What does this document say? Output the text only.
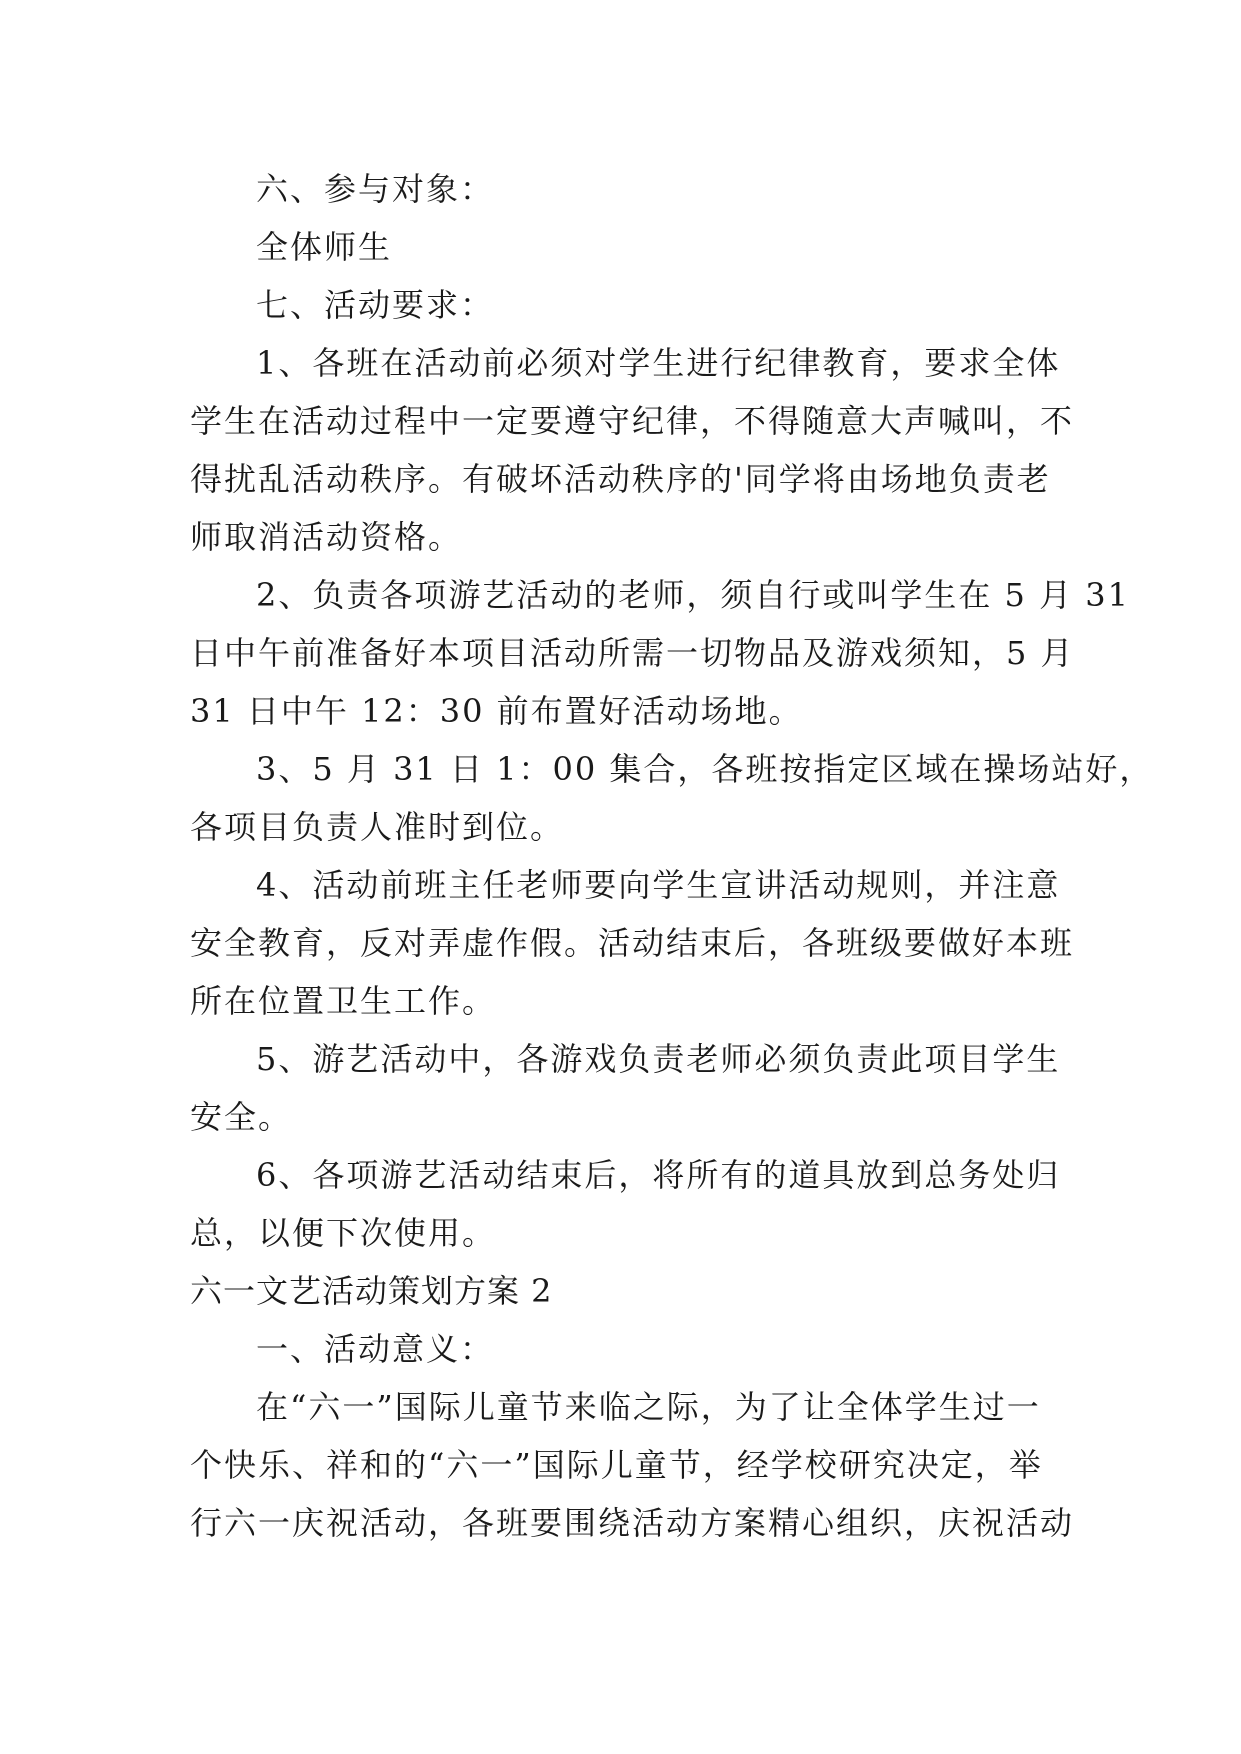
六、参与对象：
全体师生
七、活动要求：
1、各班在活动前必须对学生进行纪律教育，要求全体
学生在活动过程中一定要遵守纪律，不得随意大声喊叫，不
得扰乱活动秩序。有破坏活动秩序的'同学将由场地负责老
师取消活动资格。
2、负责各项游艺活动的老师，须自行或叫学生在 5 月 31
日中午前准备好本项目活动所需一切物品及游戏须知，5 月
31 日中午 12：30 前布置好活动场地。
3、5 月 31 日 1：00 集合，各班按指定区域在操场站好，
各项目负责人准时到位。
4、活动前班主任老师要向学生宣讲活动规则，并注意
安全教育，反对弄虚作假。活动结束后，各班级要做好本班
所在位置卫生工作。
5、游艺活动中，各游戏负责老师必须负责此项目学生
安全。
6、各项游艺活动结束后，将所有的道具放到总务处归
总，以便下次使用。
六一文艺活动策划方案 2
一、活动意义：
在“六一”国际儿童节来临之际，为了让全体学生过一
个快乐、祥和的“六一”国际儿童节，经学校研究决定，举
行六一庆祝活动，各班要围绕活动方案精心组织，庆祝活动
